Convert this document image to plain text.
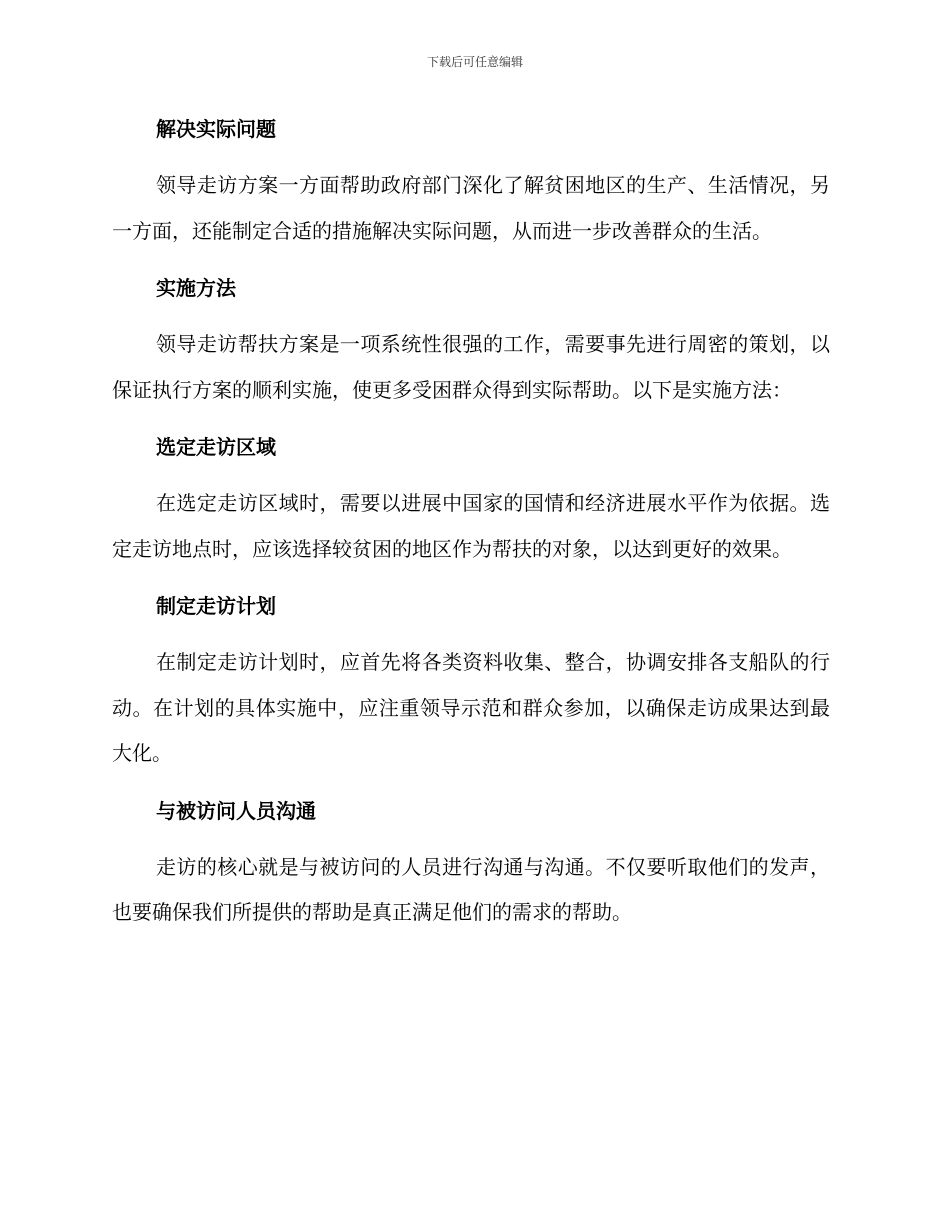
下载后可任意编辑
解决实际问题

领导走访方案一方面帮助政府部门深化了解贫困地区的生产、生活情况，另一方面，还能制定合适的措施解决实际问题，从而进一步改善群众的生活。

实施方法

领导走访帮扶方案是一项系统性很强的工作，需要事先进行周密的策划，以保证执行方案的顺利实施，使更多受困群众得到实际帮助。以下是实施方法：

选定走访区域

在选定走访区域时，需要以进展中国家的国情和经济进展水平作为依据。选定走访地点时，应该选择较贫困的地区作为帮扶的对象，以达到更好的效果。

制定走访计划

在制定走访计划时，应首先将各类资料收集、整合，协调安排各支船队的行动。在计划的具体实施中，应注重领导示范和群众参加，以确保走访成果达到最大化。

与被访问人员沟通

走访的核心就是与被访问的人员进行沟通与沟通。不仅要听取他们的发声，也要确保我们所提供的帮助是真正满足他们的需求的帮助。
